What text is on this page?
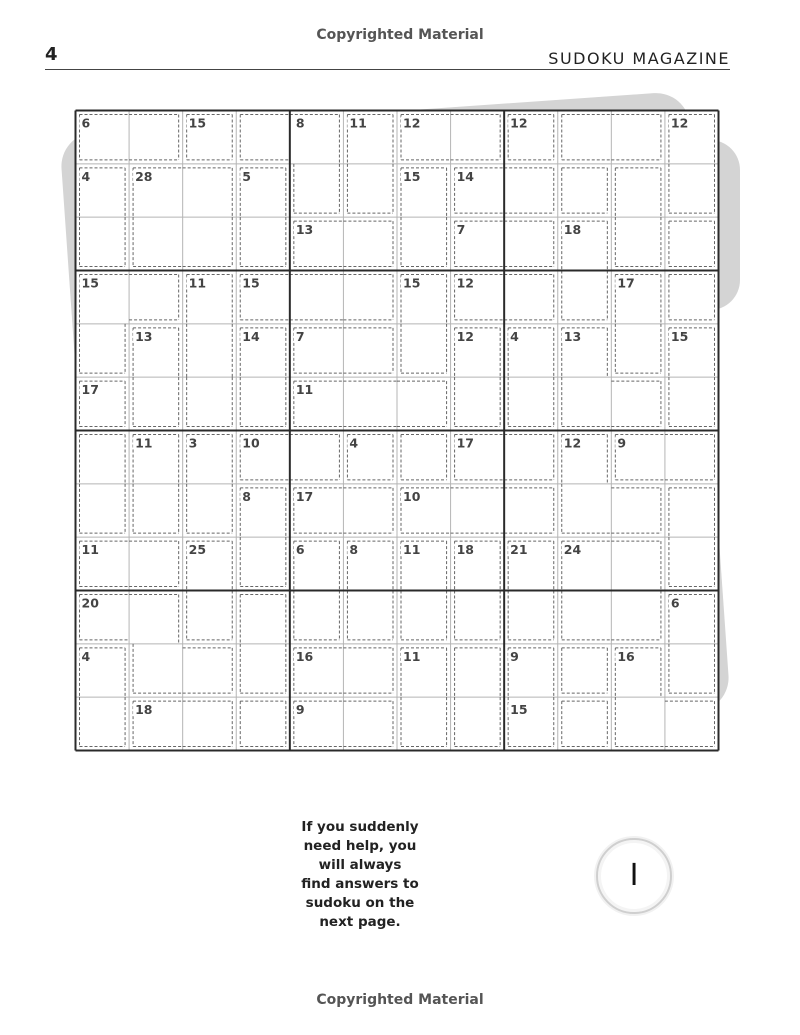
Copyrighted Material
4	SUDOKU MAGAZINE
6	15	8	11	12	12	12
4	28	5	15	14
13	7	18
15	11	15	15	12	17
13	14	7	12	4	13	15
17	11
11	3	10	4	17	12	9
8	17	10
11	25	6	8	11	18	21	24
20	6
4	16	11	9	16
18	9	15
If you suddenly
need help, you
will always
find answers to
sudoku on the
next page.
I
Copyrighted Material
